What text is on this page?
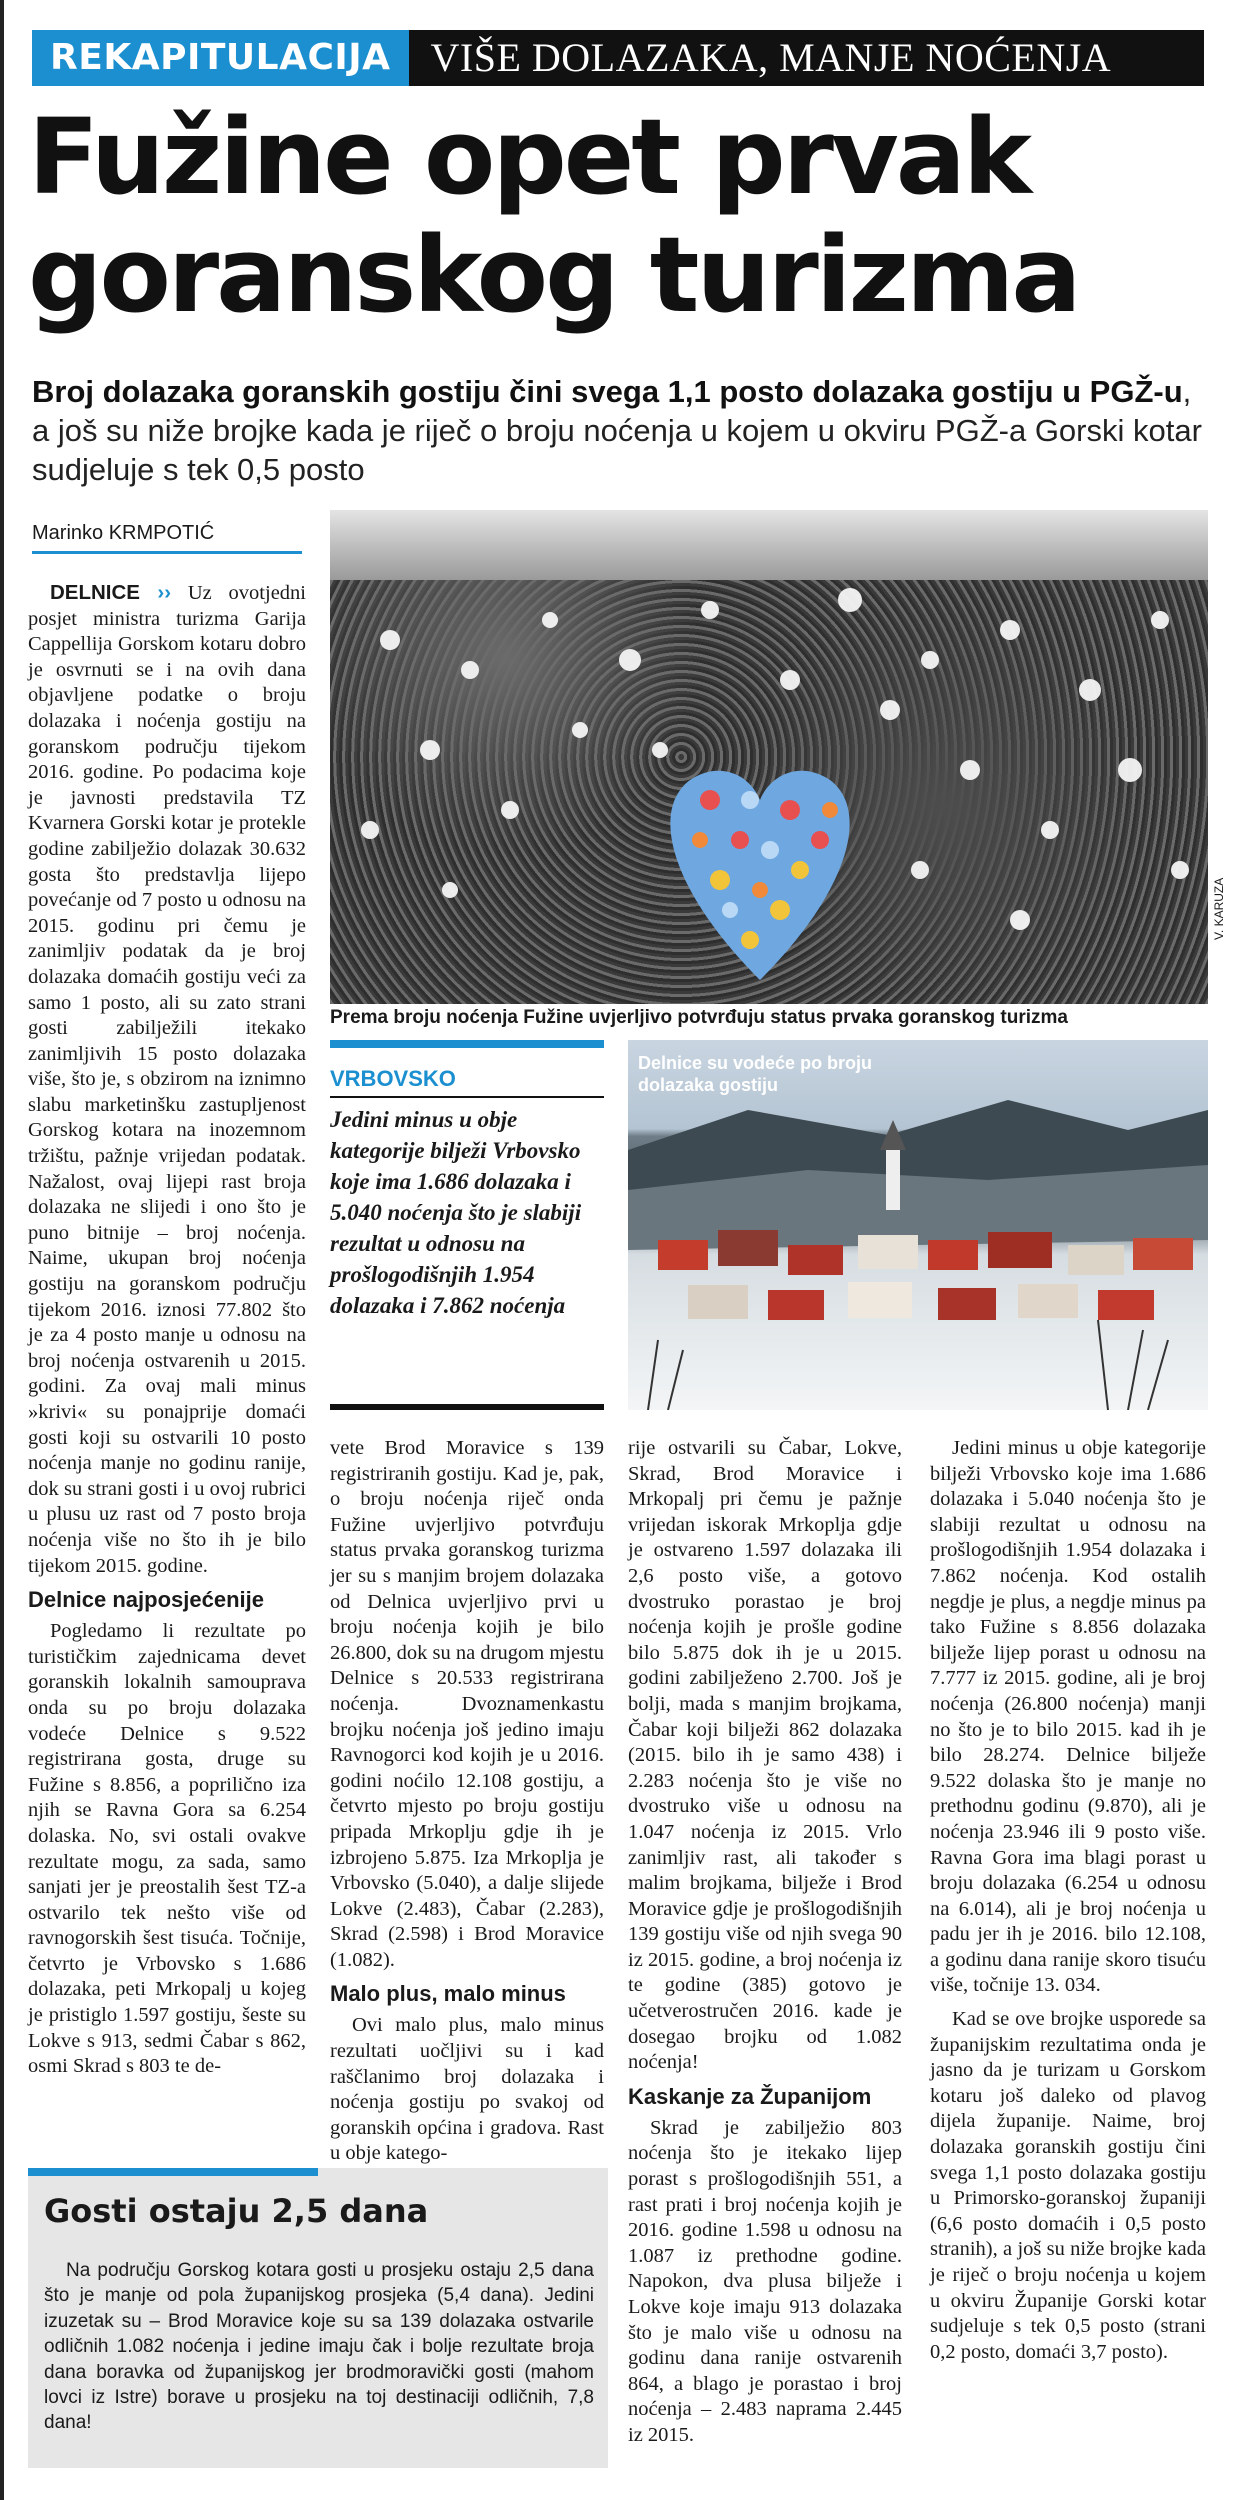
REKAPITULACIJA	VIŠE DOLAZAKA, MANJE NOĆENJA
Fužine opet prvak goranskog turizma
Broj dolazaka goranskih gostiju čini svega 1,1 posto dolazaka gostiju u PGŽ-u, a još su niže brojke kada je riječ o broju noćenja u kojem u okviru PGŽ-a Gorski kotar sudjeluje s tek 0,5 posto
Marinko KRMPOTIĆ

DELNICE ›› Uz ovotjedni posjet ministra turizma Garija Cappellija Gorskom kotaru dobro je osvrnuti se i na ovih dana objavljene podatke o broju dolazaka i noćenja gostiju na goranskom području tijekom 2016. godine. Po podacima koje je javnosti predstavila TZ Kvarnera Gorski kotar je protekle godine zabilježio dolazak 30.632 gosta što predstavlja lijepo povećanje od 7 posto u odnosu na 2015. godinu pri čemu je zanimljiv podatak da je broj dolazaka domaćih gostiju veći za samo 1 posto, ali su zato strani gosti zabilježili itekako zanimljivih 15 posto dolazaka više, što je, s obzirom na iznimno slabu marketinšku zastupljenost Gorskog kotara na inozemnom tržištu, pažnje vrijedan podatak. Nažalost, ovaj lijepi rast broja dolazaka ne slijedi i ono što je puno bitnije – broj noćenja. Naime, ukupan broj noćenja gostiju na goranskom području tijekom 2016. iznosi 77.802 što je za 4 posto manje u odnosu na broj noćenja ostvarenih u 2015. godini. Za ovaj mali minus »krivi« su ponajprije domaći gosti koji su ostvarili 10 posto noćenja manje no godinu ranije, dok su strani gosti i u ovoj rubrici u plusu uz rast od 7 posto broja noćenja više no što ih je bilo tijekom 2015. godine.

Delnice najposjećenije

Pogledamo li rezultate po turističkim zajednicama devet goranskih lokalnih samouprava onda su po broju dolazaka vodeće Delnice s 9.522 registrirana gosta, druge su Fužine s 8.856, a poprilično iza njih se Ravna Gora sa 6.254 dolaska. No, svi ostali ovakve rezultate mogu, za sada, samo sanjati jer je preostalih šest TZ-a ostvarilo tek nešto više od ravnogorskih šest tisuća. Točnije, četvrto je Vrbovsko s 1.686 dolazaka, peti Mrkopalj u kojeg je pristiglo 1.597 gostiju, šeste su Lokve s 913, sedmi Čabar s 862, osmi Skrad s 803 te de-

V. KARUZA
Prema broju noćenja Fužine uvjerljivo potvrđuju status prvaka goranskog turizma
VRBOVSKO
Jedini minus u obje kategorije bilježi Vrbovsko koje ima 1.686 dolazaka i 5.040 noćenja što je slabiji rezultat u odnosu na prošlogodišnjih 1.954 dolazaka i 7.862 noćenja
Delnice su vodeće po broju dolazaka gostiju

vete Brod Moravice s 139 registriranih gostiju. Kad je, pak, o broju noćenja riječ onda Fužine uvjerljivo potvrđuju status prvaka goranskog turizma jer su s manjim brojem dolazaka od Delnica uvjerljivo prvi u broju noćenja kojih je bilo 26.800, dok su na drugom mjestu Delnice s 20.533 registrirana noćenja. Dvoznamenkastu brojku noćenja još jedino imaju Ravnogorci kod kojih je u 2016. godini noćilo 12.108 gostiju, a četvrto mjesto po broju gostiju pripada Mrkoplju gdje ih je izbrojeno 5.875. Iza Mrkoplja je Vrbovsko (5.040), a dalje slijede Lokve (2.483), Čabar (2.283), Skrad (2.598) i Brod Moravice (1.082).

Malo plus, malo minus

Ovi malo plus, malo minus rezultati uočljivi su i kad raščlanimo broj dolazaka i noćenja gostiju po svakoj od goranskih općina i gradova. Rast u obje katego-

rije ostvarili su Čabar, Lokve, Skrad, Brod Moravice i Mrkopalj pri čemu je pažnje vrijedan iskorak Mrkoplja gdje je ostvareno 1.597 dolazaka ili 2,6 posto više, a gotovo dvostruko porastao je broj noćenja kojih je prošle godine bilo 5.875 dok ih je u 2015. godini zabilježeno 2.700. Još je bolji, mada s manjim brojkama, Čabar koji bilježi 862 dolazaka (2015. bilo ih je samo 438) i 2.283 noćenja što je više no dvostruko više u odnosu na 1.047 noćenja iz 2015. Vrlo zanimljiv rast, ali također s malim brojkama, bilježe i Brod Moravice gdje je prošlogodišnjih 139 gostiju više od njih svega 90 iz 2015. godine, a broj noćenja iz te godine (385) gotovo je učetverostručen 2016. kade je dosegao brojku od 1.082 noćenja!

Kaskanje za Županijom

Skrad je zabilježio 803 noćenja što je itekako lijep porast s prošlogodišnjih 551, a rast prati i broj noćenja kojih je 2016. godine 1.598 u odnosu na 1.087 iz prethodne godine. Napokon, dva plusa bilježe i Lokve koje imaju 913 dolazaka što je malo više u odnosu na godinu dana ranije ostvarenih 864, a blago je porastao i broj noćenja – 2.483 naprama 2.445 iz 2015.

Jedini minus u obje kategorije bilježi Vrbovsko koje ima 1.686 dolazaka i 5.040 noćenja što je slabiji rezultat u odnosu na prošlogodišnjih 1.954 dolazaka i 7.862 noćenja. Kod ostalih negdje je plus, a negdje minus pa tako Fužine s 8.856 dolazaka bilježe lijep porast u odnosu na 7.777 iz 2015. godine, ali je broj noćenja (26.800 noćenja) manji no što je to bilo 2015. kad ih je bilo 28.274. Delnice bilježe 9.522 dolaska što je manje no prethodnu godinu (9.870), ali je noćenja 23.946 ili 9 posto više. Ravna Gora ima blagi porast u broju dolazaka (6.254 u odnosu na 6.014), ali je broj noćenja u padu jer ih je 2016. bilo 12.108, a godinu dana ranije skoro tisuću više, točnije 13. 034.

Kad se ove brojke usporede sa županijskim rezultatima onda je jasno da je turizam u Gorskom kotaru još daleko od plavog dijela županije. Naime, broj dolazaka goranskih gostiju čini svega 1,1 posto dolazaka gostiju u Primorsko-goranskoj županiji (6,6 posto domaćih i 0,5 posto stranih), a još su niže brojke kada je riječ o broju noćenja u kojem u okviru Županije Gorski kotar sudjeluje s tek 0,5 posto (strani 0,2 posto, domaći 3,7 posto).

Gosti ostaju 2,5 dana
Na području Gorskog kotara gosti u prosjeku ostaju 2,5 dana što je manje od pola županijskog prosjeka (5,4 dana). Jedini izuzetak su – Brod Moravice koje su sa 139 dolazaka ostvarile odličnih 1.082 noćenja i jedine imaju čak i bolje rezultate broja dana boravka od županijskog jer brodmoravički gosti (mahom lovci iz Istre) borave u prosjeku na toj destinaciji odličnih, 7,8 dana!
